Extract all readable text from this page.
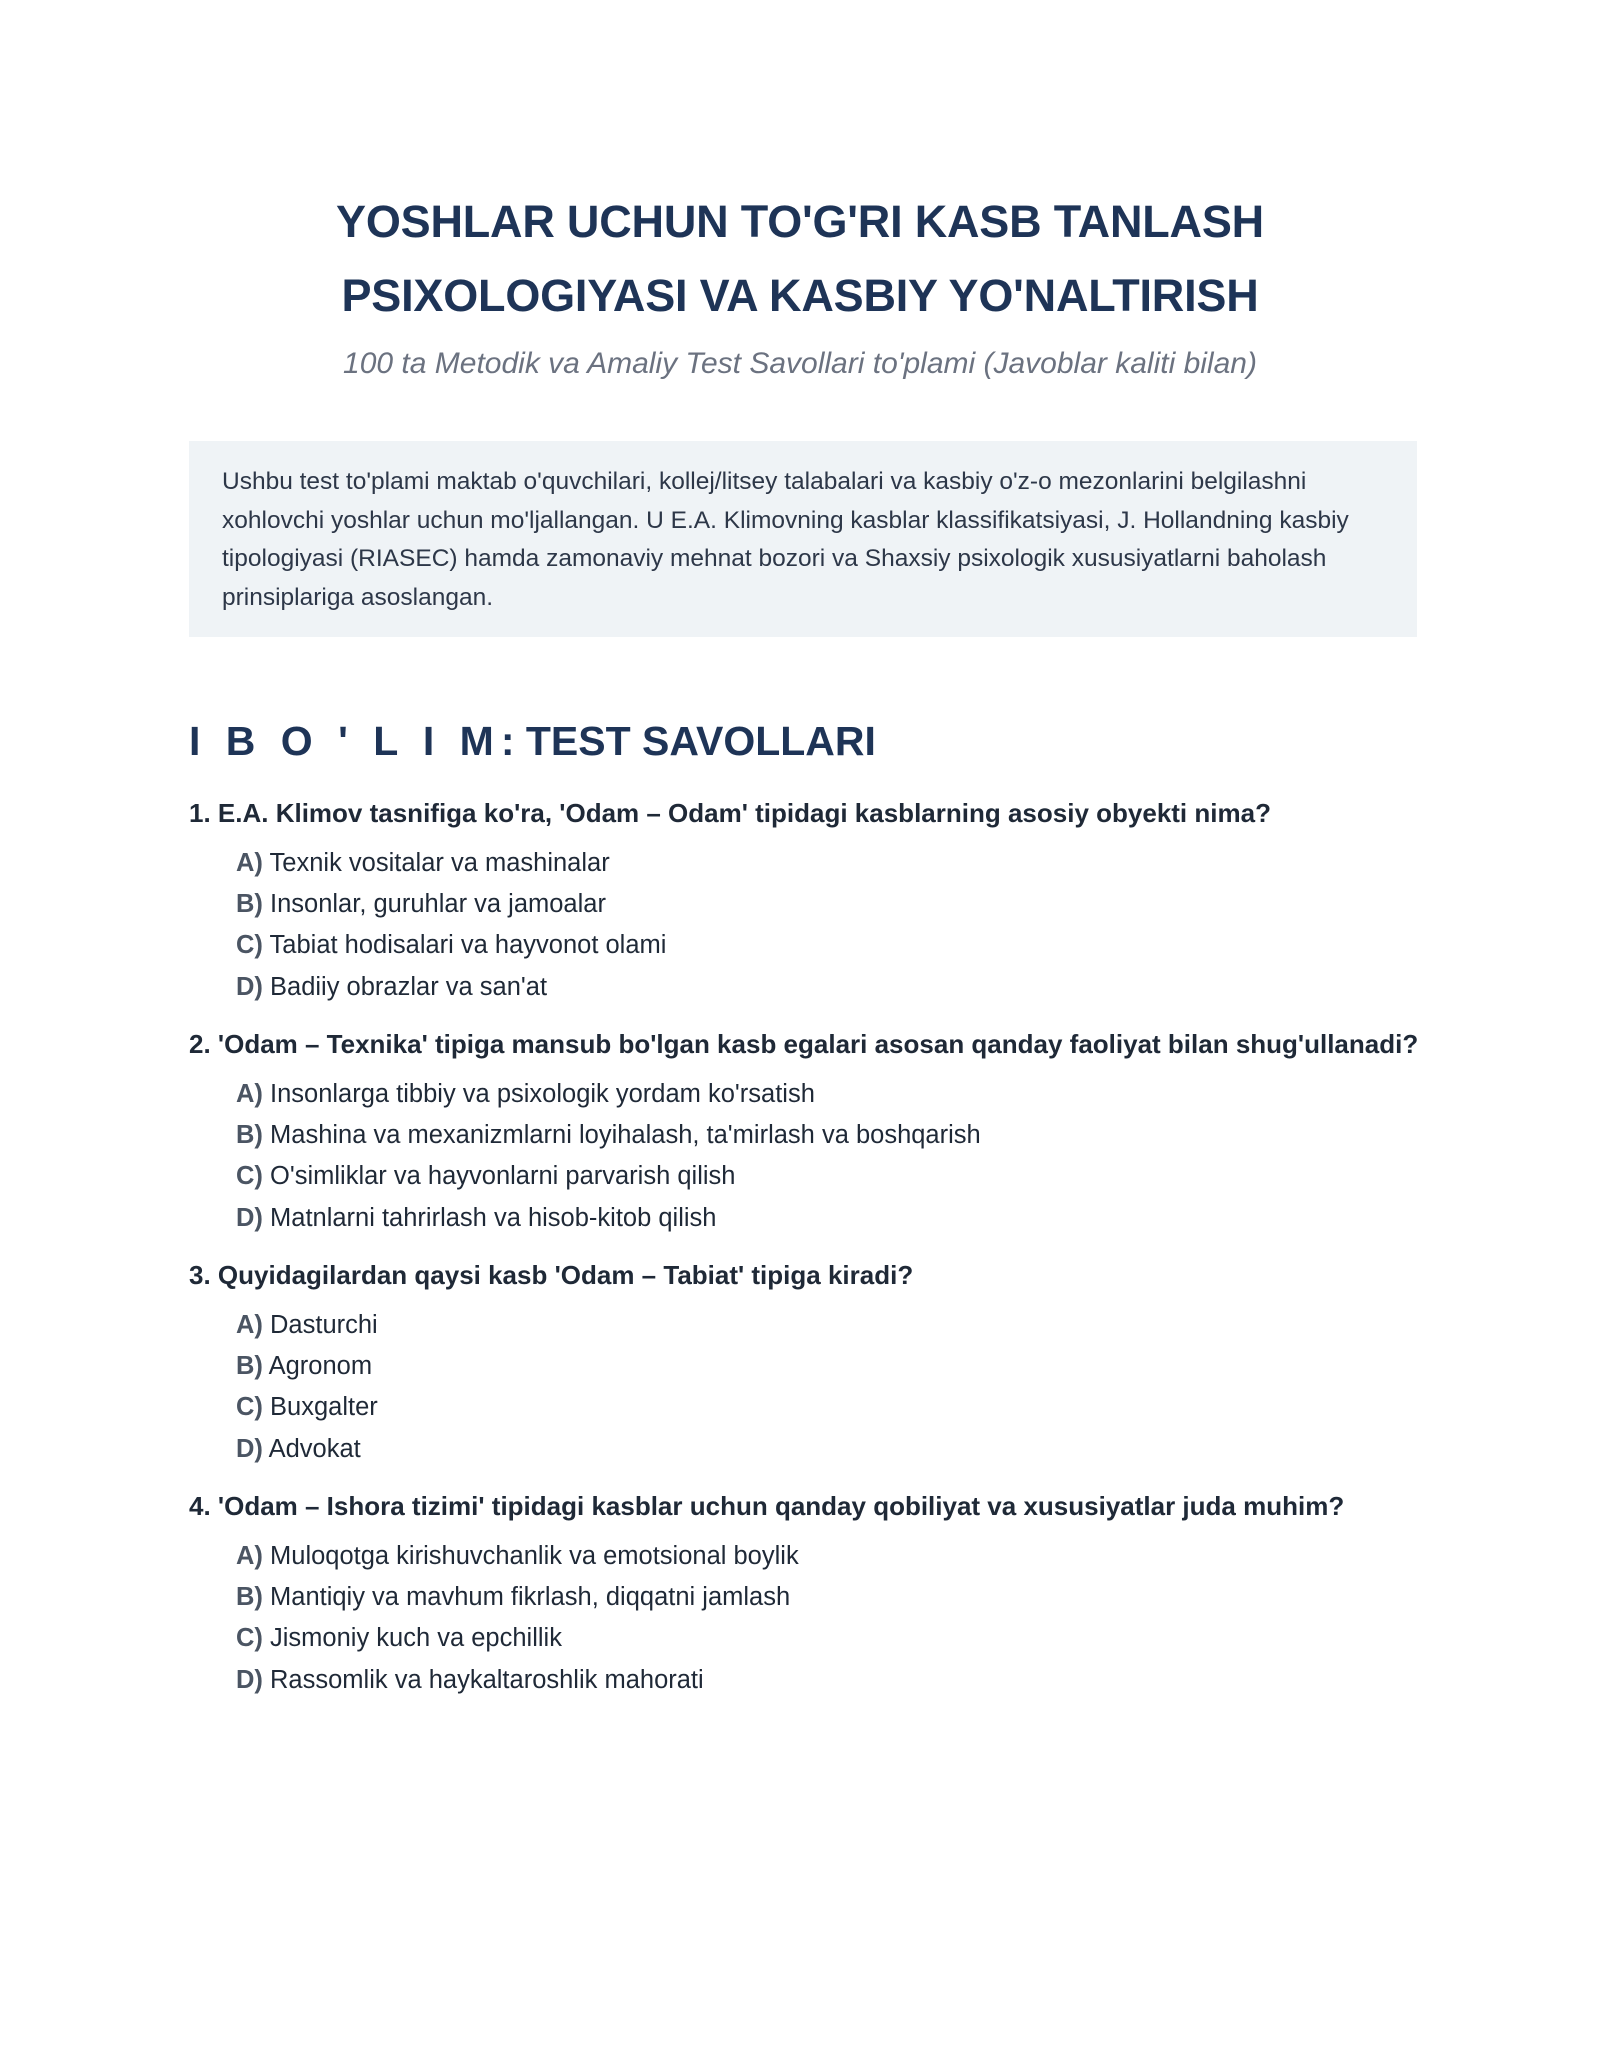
YOSHLAR UCHUN TO'G'RI KASB TANLASH
PSIXOLOGIYASI VA KASBIY YO'NALTIRISH
100 ta Metodik va Amaliy Test Savollari to'plami (Javoblar kaliti bilan)
Ushbu test to'plami maktab o'quvchilari, kollej/litsey talabalari va kasbiy o'z-o mezonlarini belgilashni xohlovchi yoshlar uchun mo'ljallangan. U E.A. Klimovning kasblar klassifikatsiyasi, J. Hollandning kasbiy tipologiyasi (RIASEC) hamda zamonaviy mehnat bozori va Shaxsiy psixologik xususiyatlarni baholash prinsiplariga asoslangan.
I B O ' L I M: TEST SAVOLLARI
1. E.A. Klimov tasnifiga ko'ra, 'Odam – Odam' tipidagi kasblarning asosiy obyekti nima?
A) Texnik vositalar va mashinalar
B) Insonlar, guruhlar va jamoalar
C) Tabiat hodisalari va hayvonot olami
D) Badiiy obrazlar va san'at
2. 'Odam – Texnika' tipiga mansub bo'lgan kasb egalari asosan qanday faoliyat bilan shug'ullanadi?
A) Insonlarga tibbiy va psixologik yordam ko'rsatish
B) Mashina va mexanizmlarni loyihalash, ta'mirlash va boshqarish
C) O'simliklar va hayvonlarni parvarish qilish
D) Matnlarni tahrirlash va hisob-kitob qilish
3. Quyidagilardan qaysi kasb 'Odam – Tabiat' tipiga kiradi?
A) Dasturchi
B) Agronom
C) Buxgalter
D) Advokat
4. 'Odam – Ishora tizimi' tipidagi kasblar uchun qanday qobiliyat va xususiyatlar juda muhim?
A) Muloqotga kirishuvchanlik va emotsional boylik
B) Mantiqiy va mavhum fikrlash, diqqatni jamlash
C) Jismoniy kuch va epchillik
D) Rassomlik va haykaltaroshlik mahorati
